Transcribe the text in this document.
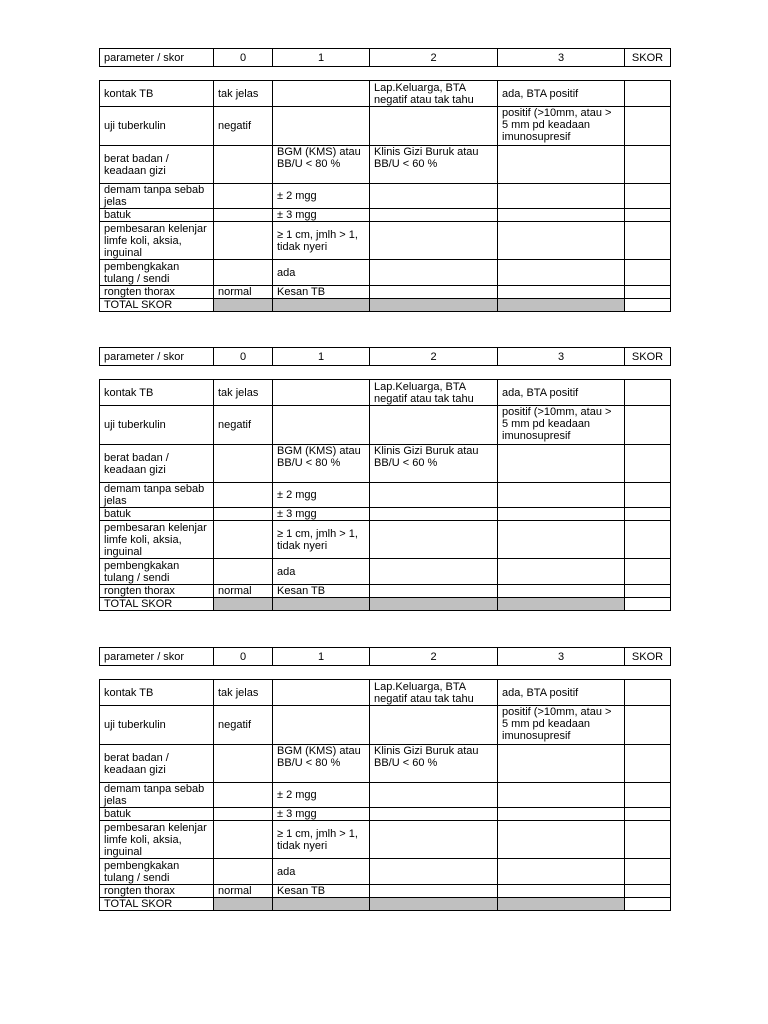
parameter / skor	0	1	2	3	SKOR
kontak TB	tak jelas		Lap.Keluarga, BTA negatif atau tak tahu	ada, BTA positif	
uji tuberkulin	negatif			positif (>10mm, atau > 5 mm pd keadaan imunosupresif	
berat badan / keadaan gizi		BGM (KMS) atau BB/U < 80 %	Klinis Gizi Buruk atau BB/U < 60 %		
demam tanpa sebab jelas		± 2 mgg			
batuk		± 3 mgg			
pembesaran kelenjar limfe koli, aksia, inguinal		≥ 1 cm, jmlh > 1, tidak nyeri			
pembengkakan tulang / sendi		ada			
rongten thorax	normal	Kesan TB			
TOTAL SKOR					
parameter / skor	0	1	2	3	SKOR
kontak TB	tak jelas		Lap.Keluarga, BTA negatif atau tak tahu	ada, BTA positif	
uji tuberkulin	negatif			positif (>10mm, atau > 5 mm pd keadaan imunosupresif	
berat badan / keadaan gizi		BGM (KMS) atau BB/U < 80 %	Klinis Gizi Buruk atau BB/U < 60 %		
demam tanpa sebab jelas		± 2 mgg			
batuk		± 3 mgg			
pembesaran kelenjar limfe koli, aksia, inguinal		≥ 1 cm, jmlh > 1, tidak nyeri			
pembengkakan tulang / sendi		ada			
rongten thorax	normal	Kesan TB			
TOTAL SKOR					
parameter / skor	0	1	2	3	SKOR
kontak TB	tak jelas		Lap.Keluarga, BTA negatif atau tak tahu	ada, BTA positif	
uji tuberkulin	negatif			positif (>10mm, atau > 5 mm pd keadaan imunosupresif	
berat badan / keadaan gizi		BGM (KMS) atau BB/U < 80 %	Klinis Gizi Buruk atau BB/U < 60 %		
demam tanpa sebab jelas		± 2 mgg			
batuk		± 3 mgg			
pembesaran kelenjar limfe koli, aksia, inguinal		≥ 1 cm, jmlh > 1, tidak nyeri			
pembengkakan tulang / sendi		ada			
rongten thorax	normal	Kesan TB			
TOTAL SKOR					
